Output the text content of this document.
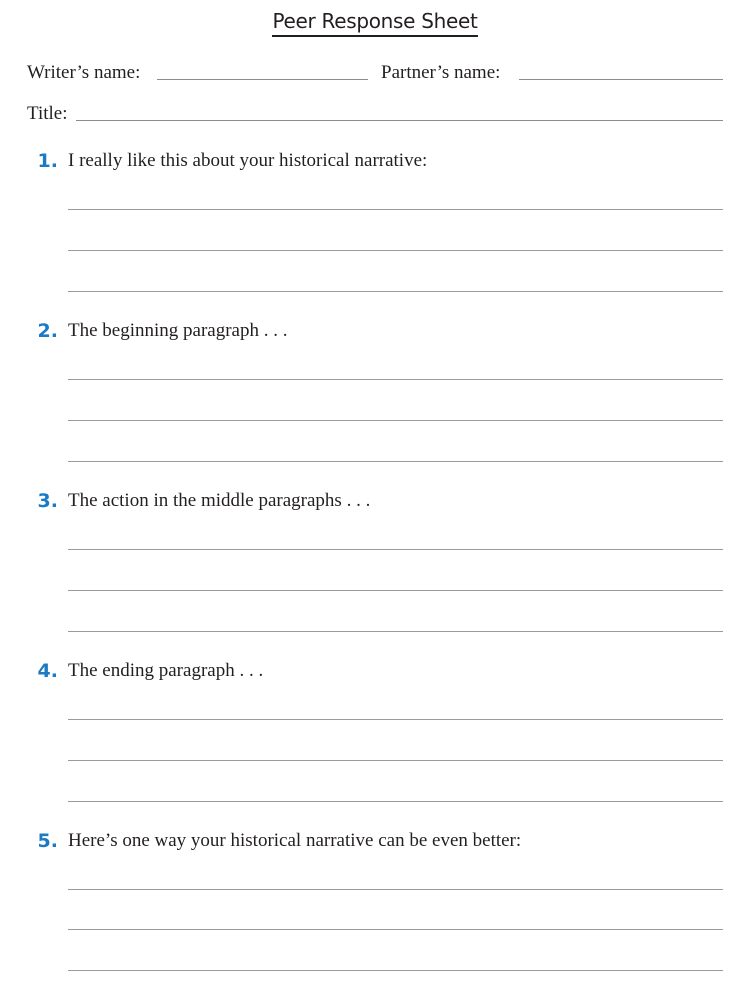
Peer Response Sheet
Writer’s name:	Partner’s name:
Title:
1. I really like this about your historical narrative:
2. The beginning paragraph . . .
3. The action in the middle paragraphs . . .
4. The ending paragraph . . .
5. Here’s one way your historical narrative can be even better:
